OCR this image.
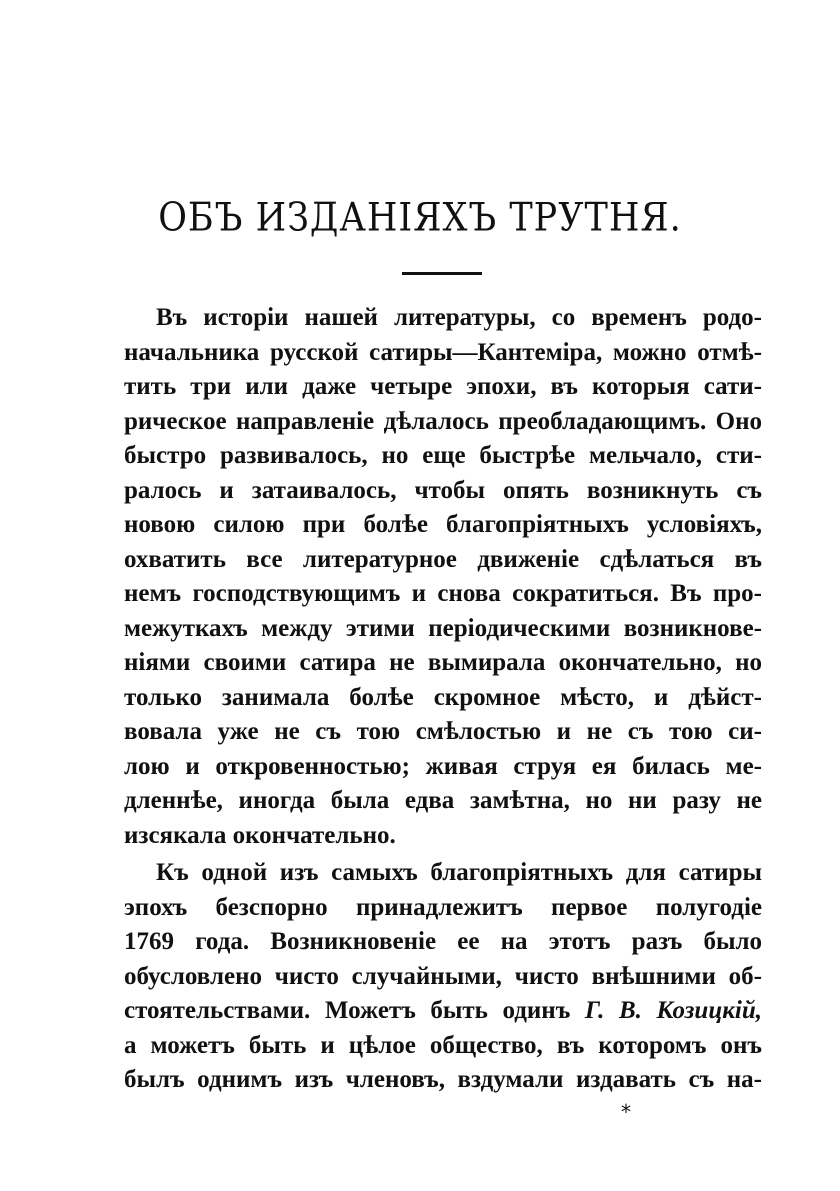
ОБЪ ИЗДАНІЯХЪ ТРУТНЯ.
Въ исторіи нашей литературы, со временъ родо-
начальника русской сатиры—Кантеміра, можно отмѣ-
тить три или даже четыре эпохи, въ которыя сати-
рическое направленіе дѣлалось преобладающимъ. Оно
быстро развивалось, но еще быстрѣе мельчало, сти-
ралось и затаивалось, чтобы опять возникнуть съ
новою силою при болѣе благопріятныхъ условіяхъ,
охватить все литературное движеніе сдѣлаться въ
немъ господствующимъ и снова сократиться. Въ про-
межуткахъ между этими періодическими возникнове-
ніями своими сатира не вымирала окончательно, но
только занимала болѣе скромное мѣсто, и дѣйст-
вовала уже не съ тою смѣлостью и не съ тою си-
лою и откровенностью; живая струя ея билась ме-
дленнѣе, иногда была едва замѣтна, но ни разу не
изсякала окончательно.
Къ одной изъ самыхъ благопріятныхъ для сатиры
эпохъ безспорно принадлежитъ первое полугодіе
1769 года. Возникновеніе ее на этотъ разъ было
обусловлено чисто случайными, чисто внѣшними об-
стоятельствами. Можетъ быть одинъ Г. В. Козицкій,
а можетъ быть и цѣлое общество, въ которомъ онъ
былъ однимъ изъ членовъ, вздумали издавать съ на-
*
